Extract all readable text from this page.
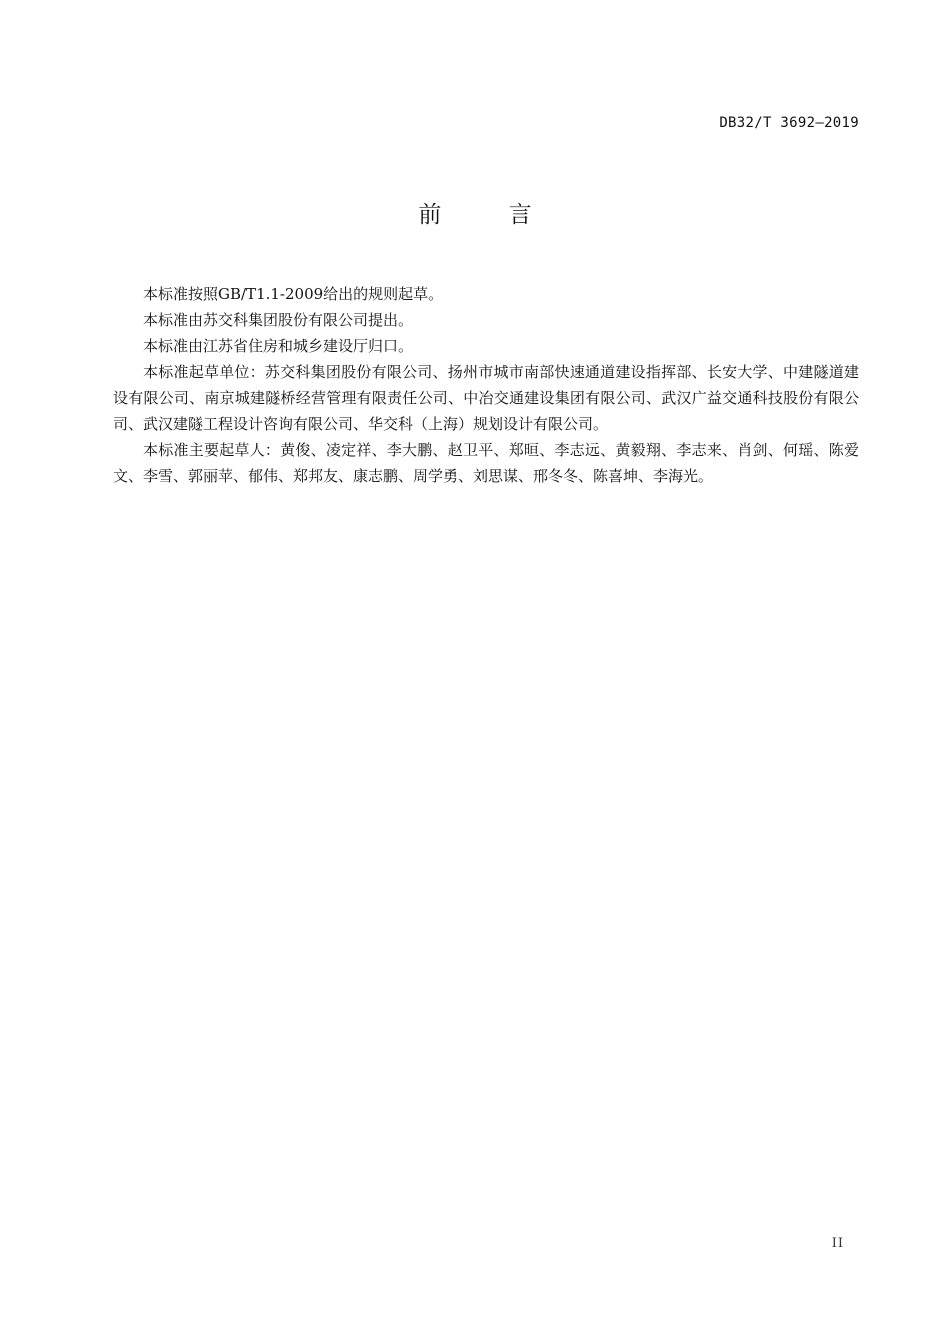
DB32/T 3692—2019
前 言

本标准按照GB/T1.1-2009给出的规则起草。

本标准由苏交科集团股份有限公司提出。

本标准由江苏省住房和城乡建设厅归口。

本标准起草单位：苏交科集团股份有限公司、扬州市城市南部快速通道建设指挥部、长安大学、中建隧道建设有限公司、南京城建隧桥经营管理有限责任公司、中冶交通建设集团有限公司、武汉广益交通科技股份有限公司、武汉建隧工程设计咨询有限公司、华交科（上海）规划设计有限公司。

本标准主要起草人：黄俊、凌定祥、李大鹏、赵卫平、郑晅、李志远、黄毅翔、李志来、肖剑、何瑶、陈爱文、李雪、郭丽苹、郁伟、郑邦友、康志鹏、周学勇、刘思谋、邢冬冬、陈喜坤、李海光。

II
